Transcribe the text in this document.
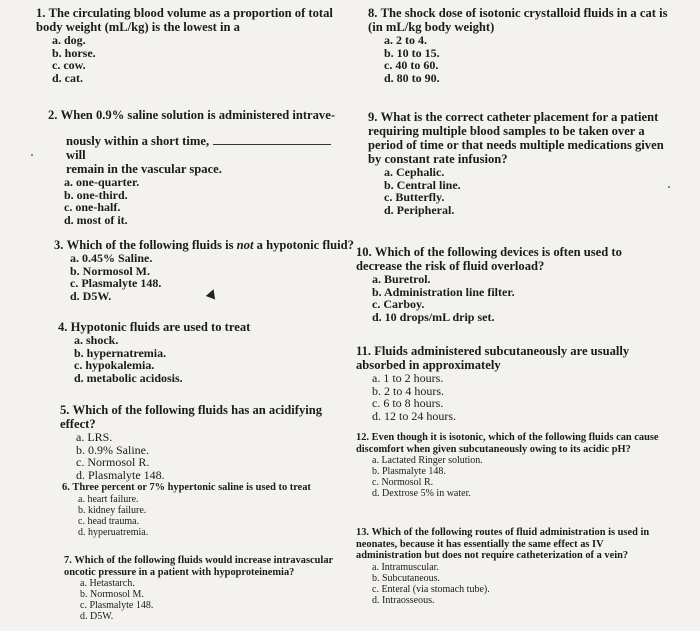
1. The circulating blood volume as a proportion of total body weight (mL/kg) is the lowest in a
a. dog.
b. horse.
c. cow.
d. cat.
2. When 0.9% saline solution is administered intrave-
nously within a short time,will
remain in the vascular space.
a. one-quarter.
b. one-third.
c. one-half.
d. most of it.
3. Which of the following fluids is not a hypotonic fluid?
a. 0.45% Saline.
b. Normosol M.
c. Plasmalyte 148.
d. D5W.
4. Hypotonic fluids are used to treat
a. shock.
b. hypernatremia.
c. hypokalemia.
d. metabolic acidosis.
5. Which of the following fluids has an acidifying effect?
a. LRS.
b. 0.9% Saline.
c. Normosol R.
d. Plasmalyte 148.
6. Three percent or 7% hypertonic saline is used to treat
a. heart failure.
b. kidney failure.
c. head trauma.
d. hyperuatremia.
7. Which of the following fluids would increase intravascular oncotic pressure in a patient with hypoproteinemia?
a. Hetastarch.
b. Normosol M.
c. Plasmalyte 148.
d. D5W.
8. The shock dose of isotonic crystalloid fluids in a cat is (in mL/kg body weight)
a. 2 to 4.
b. 10 to 15.
c. 40 to 60.
d. 80 to 90.
9. What is the correct catheter placement for a patient requiring multiple blood samples to be taken over a period of time or that needs multiple medications given by constant rate infusion?
a. Cephalic.
b. Central line.
c. Butterfly.
d. Peripheral.
10. Which of the following devices is often used to decrease the risk of fluid overload?
a. Buretrol.
b. Administration line filter.
c. Carboy.
d. 10 drops/mL drip set.
11. Fluids administered subcutaneously are usually absorbed in approximately
a. 1 to 2 hours.
b. 2 to 4 hours.
c. 6 to 8 hours.
d. 12 to 24 hours.
12. Even though it is isotonic, which of the following fluids can cause discomfort when given subcutaneously owing to its acidic pH?
a. Lactated Ringer solution.
b. Plasmalyte 148.
c. Normosol R.
d. Dextrose 5% in water.
13. Which of the following routes of fluid administration is used in neonates, because it has essentially the same effect as IV administration but does not require catheterization of a vein?
a. Intramuscular.
b. Subcutaneous.
c. Enteral (via stomach tube).
d. Intraosseous.
